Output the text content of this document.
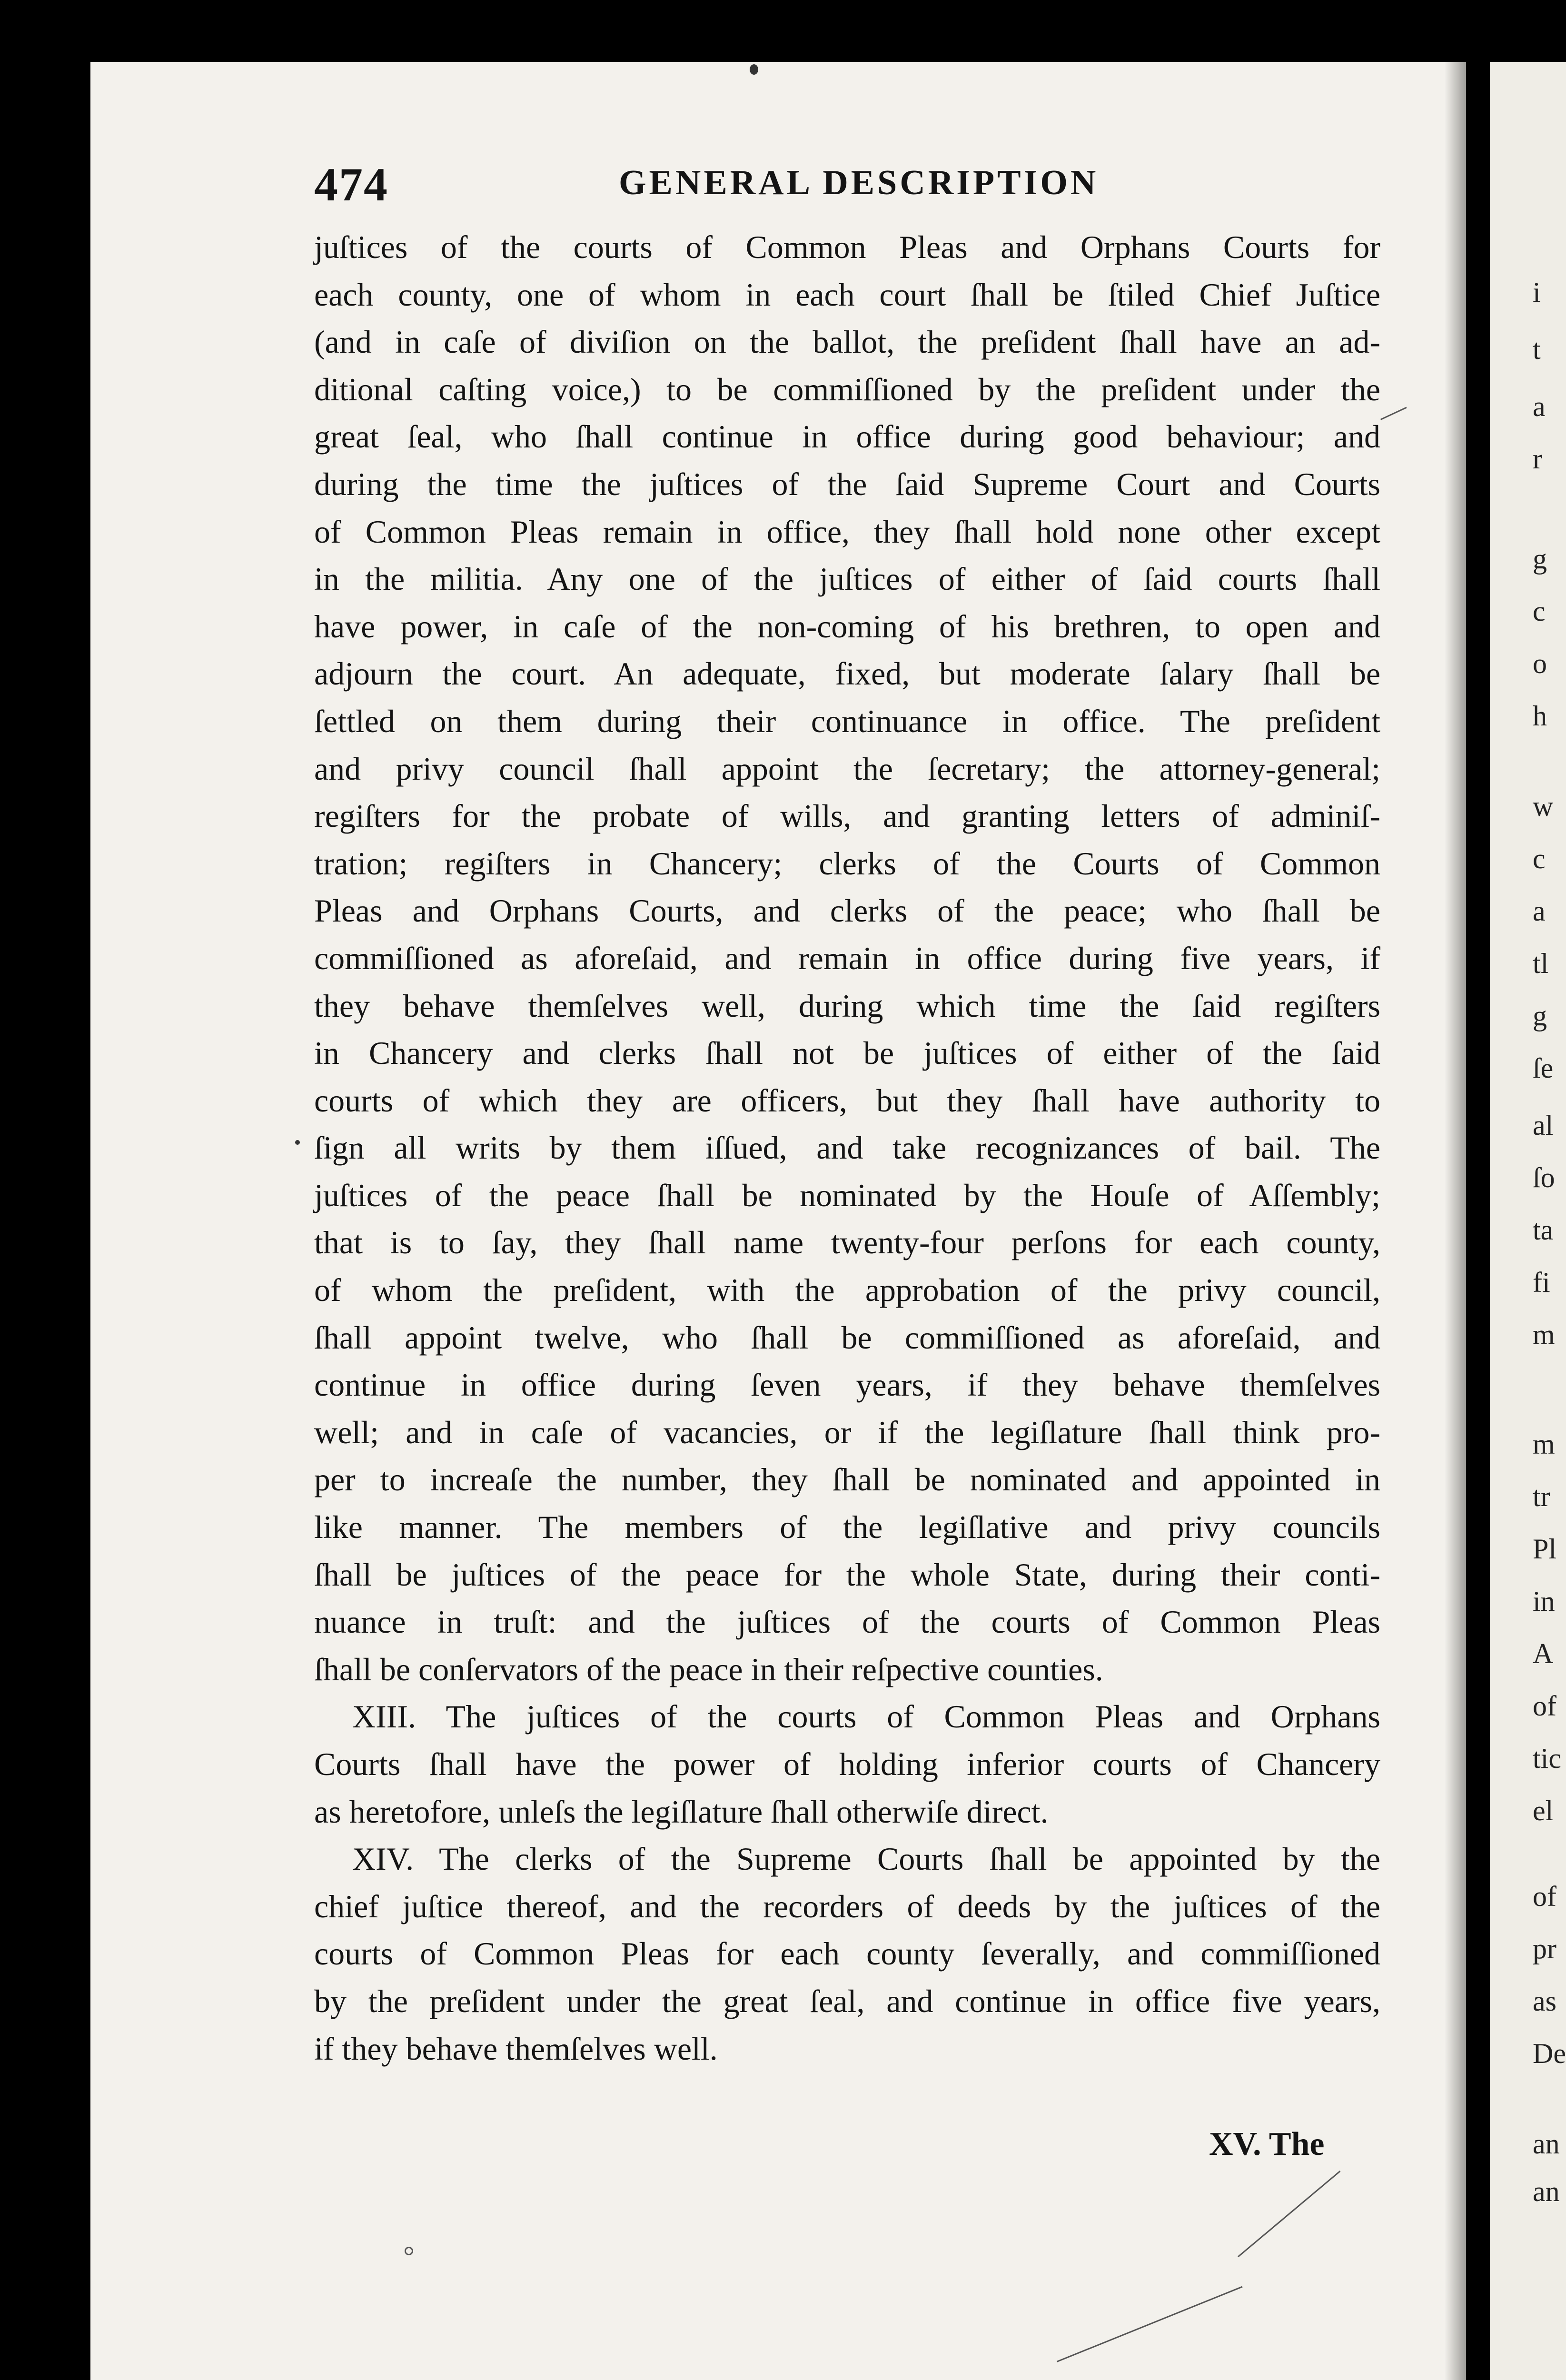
i
t
a
r
g
c
o
h
w
c
a
tl
g
ſe
al
ſo
ta
fi
m
m
tr
Pl
in
A
of
tic
el
of
pr
as
De
an
an
474	GENERAL DESCRIPTION
juſtices of the courts of Common Pleas and Orphans Courts for
each county, one of whom in each court ſhall be ſtiled Chief Juſtice
(and in caſe of diviſion on the ballot, the preſident ſhall have an ad-
ditional caſting voice,) to be commiſſioned by the preſident under the
great ſeal, who ſhall continue in office during good behaviour; and
during the time the juſtices of the ſaid Supreme Court and Courts
of Common Pleas remain in office, they ſhall hold none other except
in the militia. Any one of the juſtices of either of ſaid courts ſhall
have power, in caſe of the non-coming of his brethren, to open and
adjourn the court. An adequate, fixed, but moderate ſalary ſhall be
ſettled on them during their continuance in office. The preſident
and privy council ſhall appoint the ſecretary; the attorney-general;
regiſters for the probate of wills, and granting letters of adminiſ-
tration; regiſters in Chancery; clerks of the Courts of Common
Pleas and Orphans Courts, and clerks of the peace; who ſhall be
commiſſioned as aforeſaid, and remain in office during five years, if
they behave themſelves well, during which time the ſaid regiſters
in Chancery and clerks ſhall not be juſtices of either of the ſaid
courts of which they are officers, but they ſhall have authority to
ſign all writs by them iſſued, and take recognizances of bail. The
juſtices of the peace ſhall be nominated by the Houſe of Aſſembly;
that is to ſay, they ſhall name twenty-four perſons for each county,
of whom the preſident, with the approbation of the privy council,
ſhall appoint twelve, who ſhall be commiſſioned as aforeſaid, and
continue in office during ſeven years, if they behave themſelves
well; and in caſe of vacancies, or if the legiſlature ſhall think pro-
per to increaſe the number, they ſhall be nominated and appointed in
like manner. The members of the legiſlative and privy councils
ſhall be juſtices of the peace for the whole State, during their conti-
nuance in truſt: and the juſtices of the courts of Common Pleas
ſhall be conſervators of the peace in their reſpective counties.
XIII. The juſtices of the courts of Common Pleas and Orphans
Courts ſhall have the power of holding inferior courts of Chancery
as heretofore, unleſs the legiſlature ſhall otherwiſe direct.
XIV. The clerks of the Supreme Courts ſhall be appointed by the
chief juſtice thereof, and the recorders of deeds by the juſtices of the
courts of Common Pleas for each county ſeverally, and commiſſioned
by the preſident under the great ſeal, and continue in office five years,
if they behave themſelves well.
XV. The
